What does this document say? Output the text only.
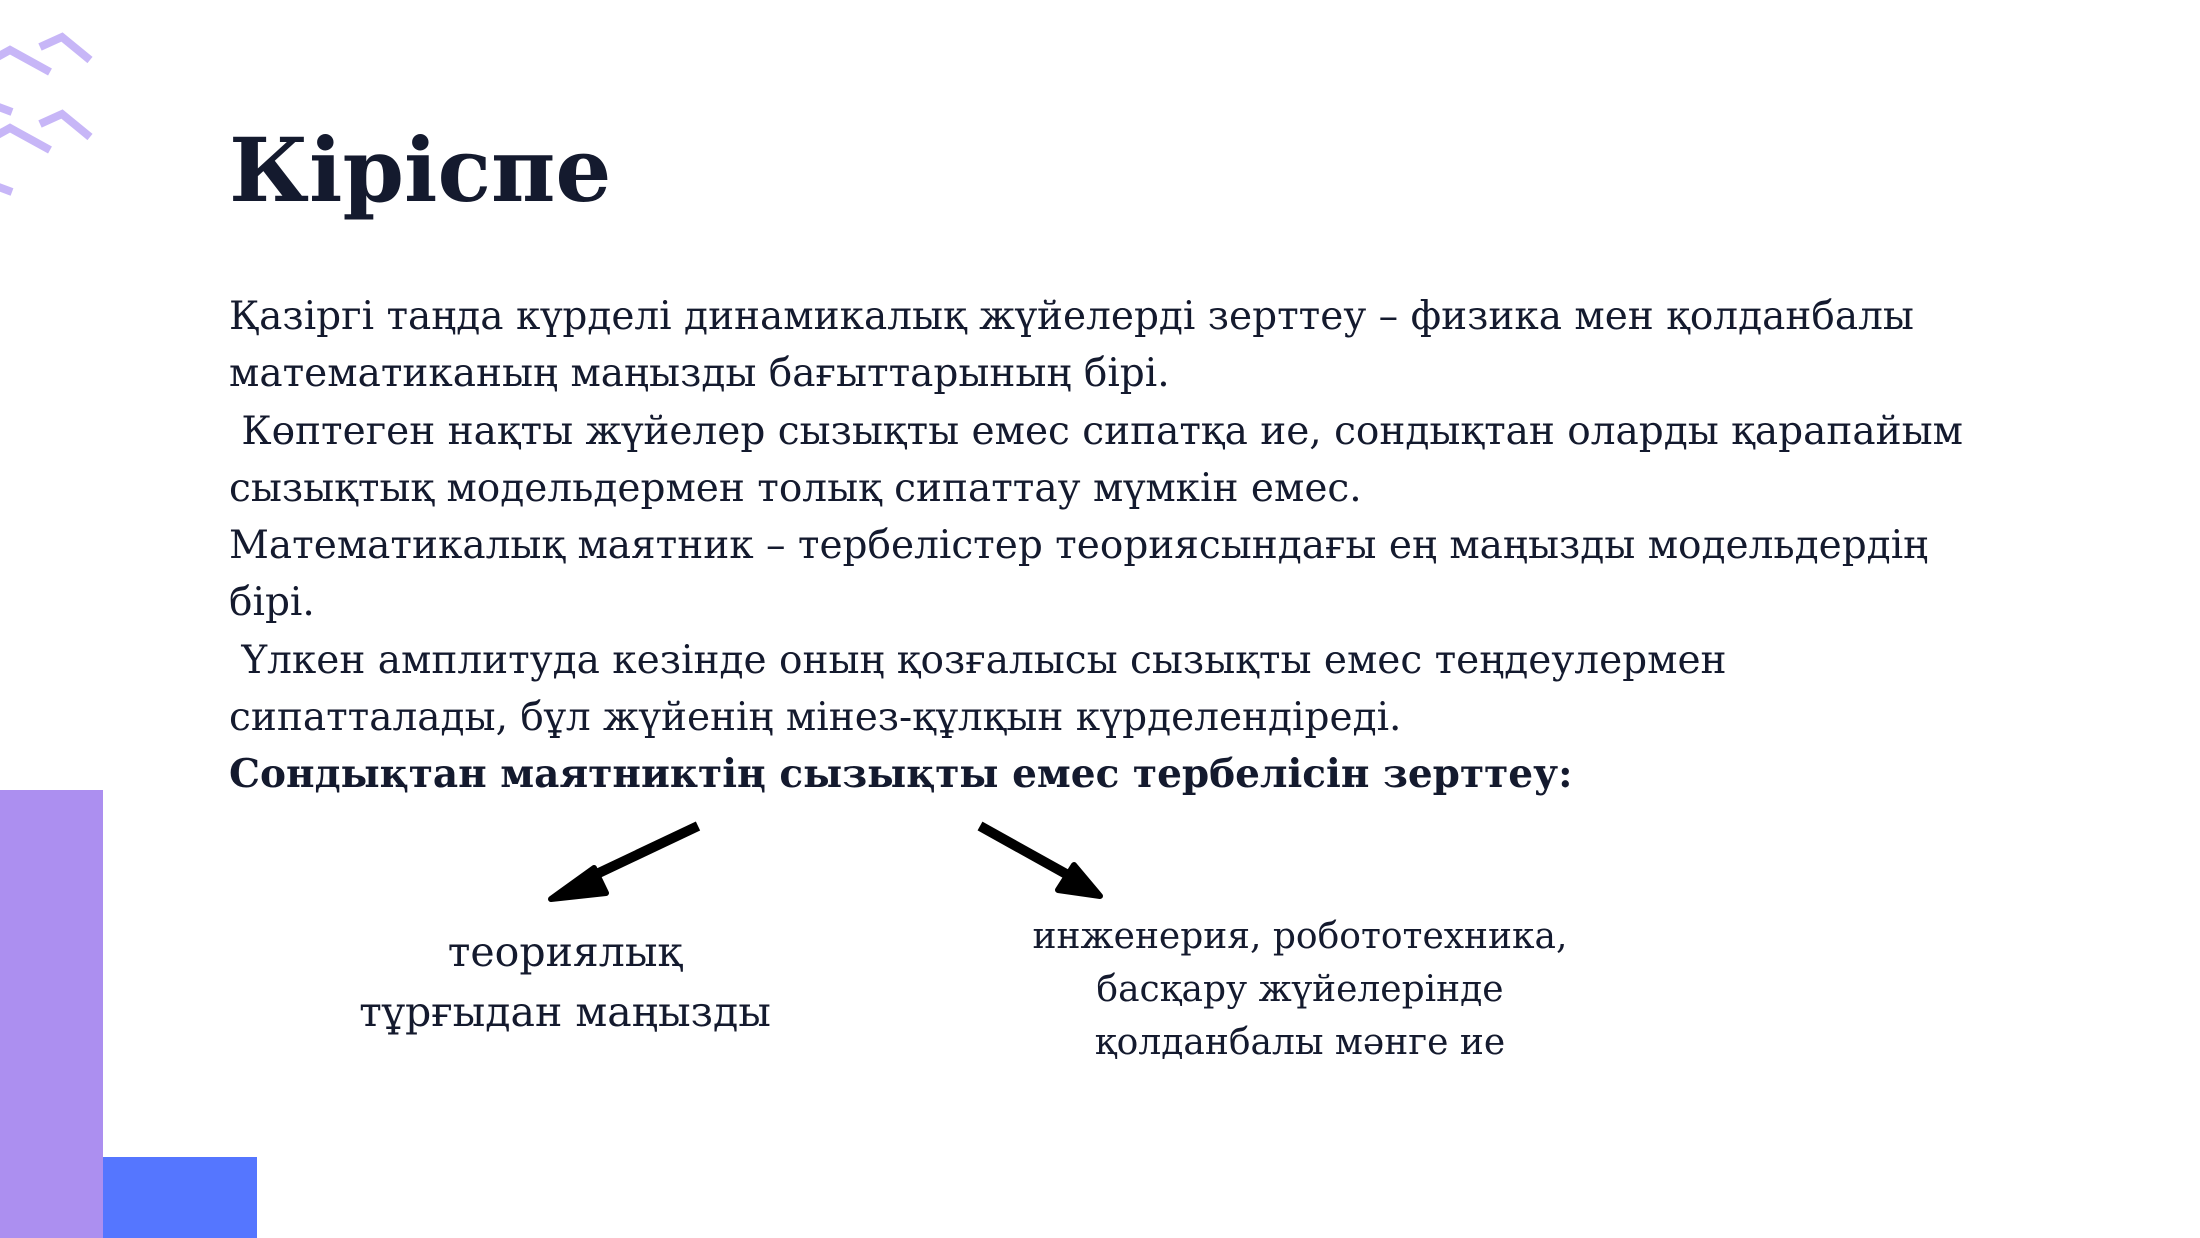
Кіріспе
Қазіргі таңда күрделі динамикалық жүйелерді зерттеу – физика мен қолданбалы
математиканың маңызды бағыттарының бірі.
Көптеген нақты жүйелер сызықты емес сипатқа ие, сондықтан оларды қарапайым
сызықтық модельдермен толық сипаттау мүмкін емес.
Математикалық маятник – тербелістер теориясындағы ең маңызды модельдердің
бірі.
Үлкен амплитуда кезінде оның қозғалысы сызықты емес теңдеулермен
сипатталады, бұл жүйенің мінез-құлқын күрделендіреді.
Сондықтан маятниктің сызықты емес тербелісін зерттеу:
теориялық
тұрғыдан маңызды
инженерия, робототехника,
басқару жүйелерінде
қолданбалы мәнге ие
